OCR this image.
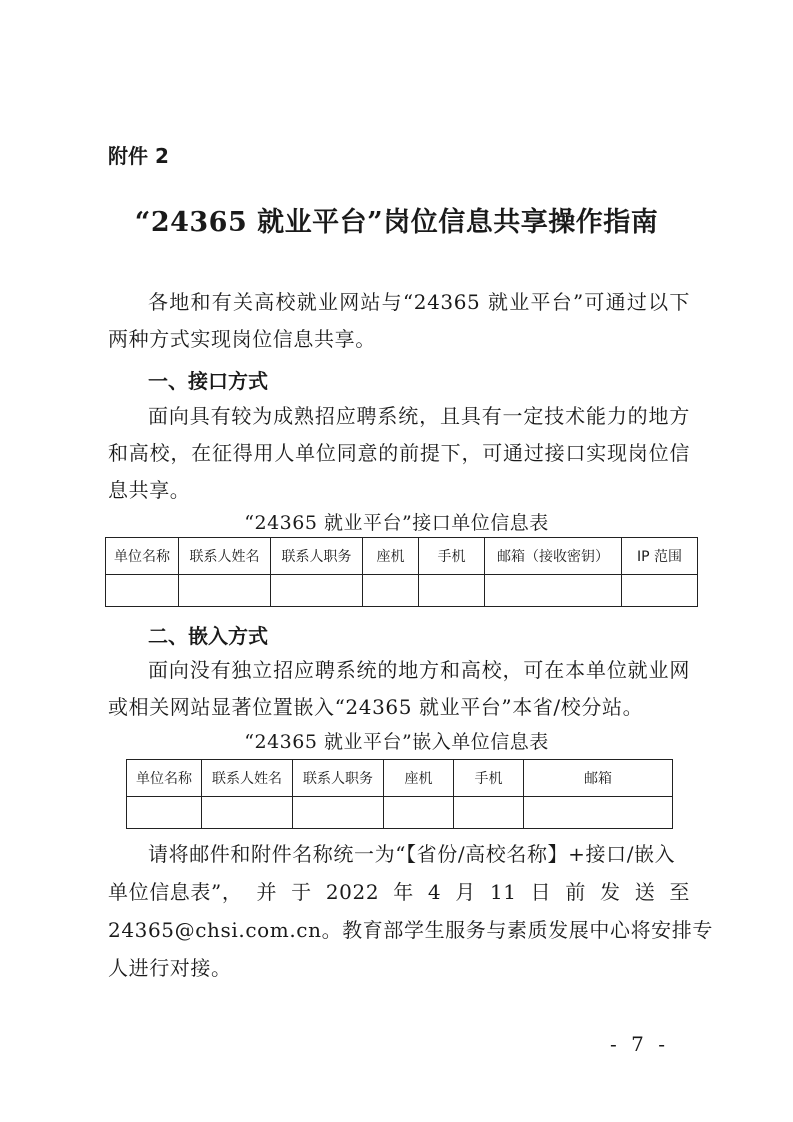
附件 2
“24365 就业平台”岗位信息共享操作指南
各地和有关高校就业网站与“24365 就业平台”可通过以下两种方式实现岗位信息共享。
一、接口方式
面向具有较为成熟招应聘系统，且具有一定技术能力的地方和高校，在征得用人单位同意的前提下，可通过接口实现岗位信息共享。
“24365 就业平台”接口单位信息表
单位名称	联系人姓名	联系人职务	座机	手机	邮箱（接收密钥）	IP 范围

二、嵌入方式
面向没有独立招应聘系统的地方和高校，可在本单位就业网或相关网站显著位置嵌入“24365 就业平台”本省/校分站。
“24365 就业平台”嵌入单位信息表
单位名称	联系人姓名	联系人职务	座机	手机	邮箱

请将邮件和附件名称统一为“【省份/高校名称】+接口/嵌入
单位信息表”， 并 于 2022 年 4 月 11 日 前 发 送 至
24365@chsi.com.cn。教育部学生服务与素质发展中心将安排专
人进行对接。
- 7 -
